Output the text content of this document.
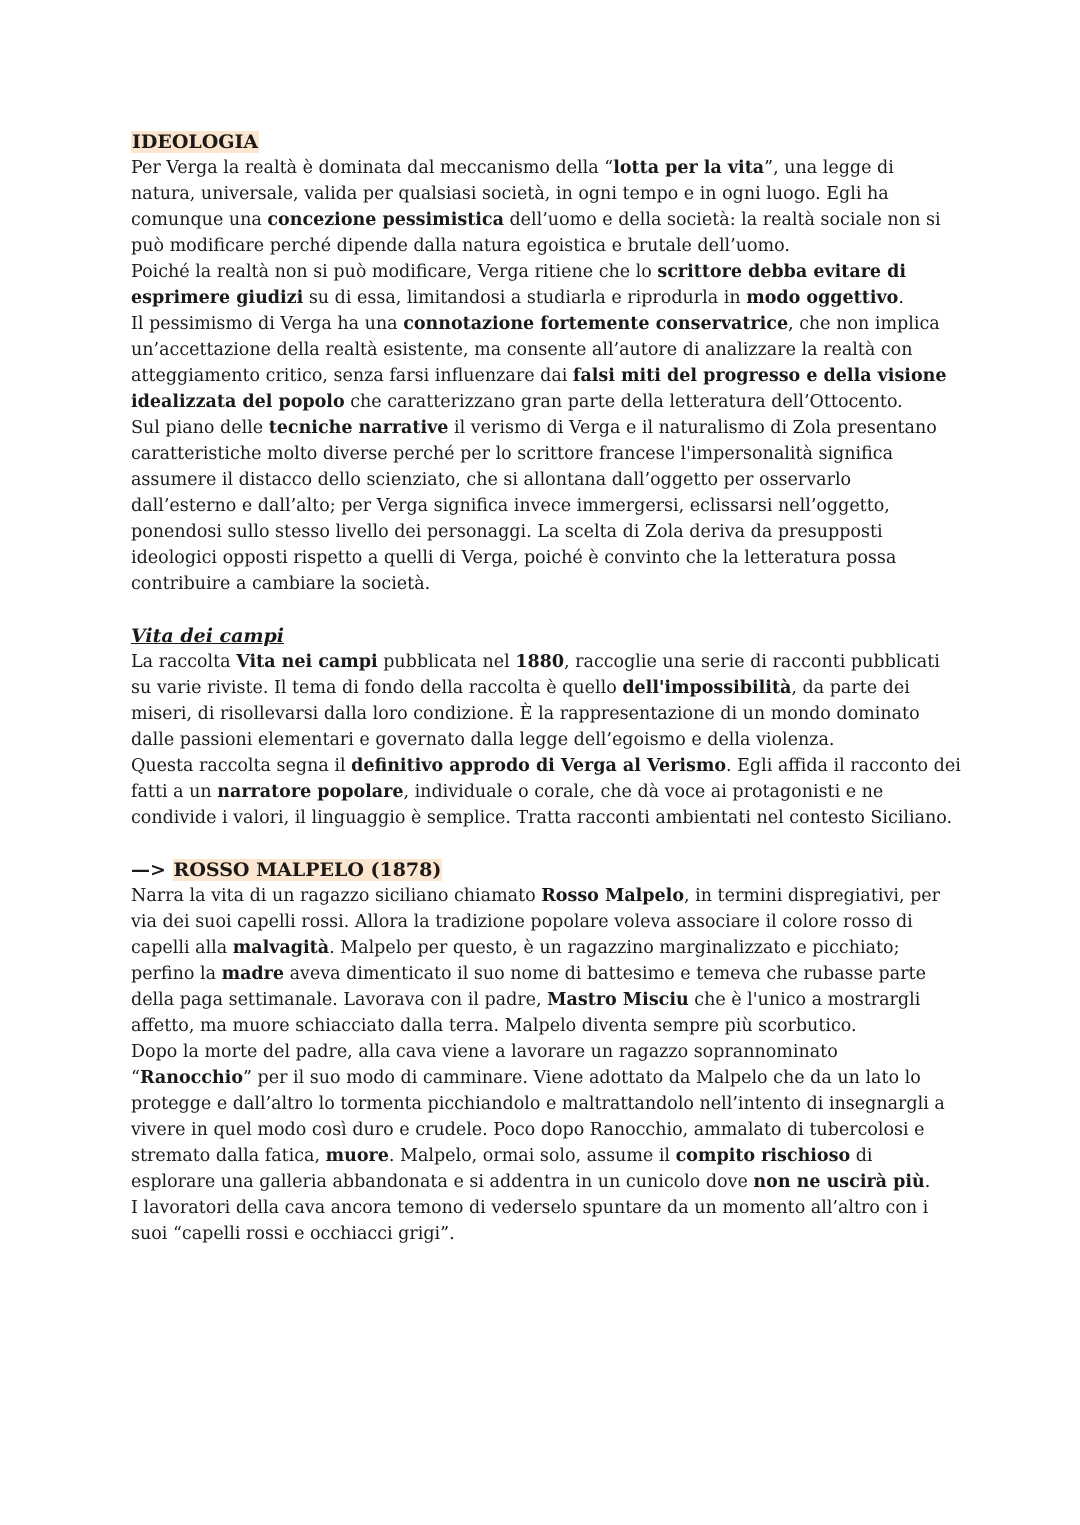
IDEOLOGIA

Per Verga la realtà è dominata dal meccanismo della “lotta per la vita”, una legge di natura, universale, valida per qualsiasi società, in ogni tempo e in ogni luogo. Egli ha comunque una concezione pessimistica dell’uomo e della società: la realtà sociale non si può modificare perché dipende dalla natura egoistica e brutale dell’uomo.

Poiché la realtà non si può modificare, Verga ritiene che lo scrittore debba evitare di esprimere giudizi su di essa, limitandosi a studiarla e riprodurla in modo oggettivo.

Il pessimismo di Verga ha una connotazione fortemente conservatrice, che non implica un’accettazione della realtà esistente, ma consente all’autore di analizzare la realtà con atteggiamento critico, senza farsi influenzare dai falsi miti del progresso e della visione idealizzata del popolo che caratterizzano gran parte della letteratura dell’Ottocento.

Sul piano delle tecniche narrative il verismo di Verga e il naturalismo di Zola presentano caratteristiche molto diverse perché per lo scrittore francese l'impersonalità significa assumere il distacco dello scienziato, che si allontana dall’oggetto per osservarlo dall’esterno e dall’alto; per Verga significa invece immergersi, eclissarsi nell’oggetto, ponendosi sullo stesso livello dei personaggi. La scelta di Zola deriva da presupposti ideologici opposti rispetto a quelli di Verga, poiché è convinto che la letteratura possa contribuire a cambiare la società.

Vita dei campi

La raccolta Vita nei campi pubblicata nel 1880, raccoglie una serie di racconti pubblicati su varie riviste. Il tema di fondo della raccolta è quello dell'impossibilità, da parte dei miseri, di risollevarsi dalla loro condizione. È la rappresentazione di un mondo dominato dalle passioni elementari e governato dalla legge dell’egoismo e della violenza.

Questa raccolta segna il definitivo approdo di Verga al Verismo. Egli affida il racconto dei fatti a un narratore popolare, individuale o corale, che dà voce ai protagonisti e ne condivide i valori, il linguaggio è semplice. Tratta racconti ambientati nel contesto Siciliano.

—> ROSSO MALPELO (1878)

Narra la vita di un ragazzo siciliano chiamato Rosso Malpelo, in termini dispregiativi, per via dei suoi capelli rossi. Allora la tradizione popolare voleva associare il colore rosso di capelli alla malvagità. Malpelo per questo, è un ragazzino marginalizzato e picchiato; perfino la madre aveva dimenticato il suo nome di battesimo e temeva che rubasse parte della paga settimanale. Lavorava con il padre, Mastro Misciu che è l'unico a mostrargli affetto, ma muore schiacciato dalla terra. Malpelo diventa sempre più scorbutico.

Dopo la morte del padre, alla cava viene a lavorare un ragazzo soprannominato “Ranocchio” per il suo modo di camminare. Viene adottato da Malpelo che da un lato lo protegge e dall’altro lo tormenta picchiandolo e maltrattandolo nell’intento di insegnargli a vivere in quel modo così duro e crudele. Poco dopo Ranocchio, ammalato di tubercolosi e stremato dalla fatica, muore. Malpelo, ormai solo, assume il compito rischioso di esplorare una galleria abbandonata e si addentra in un cunicolo dove non ne uscirà più.

I lavoratori della cava ancora temono di vederselo spuntare da un momento all’altro con i suoi “capelli rossi e occhiacci grigi”.
